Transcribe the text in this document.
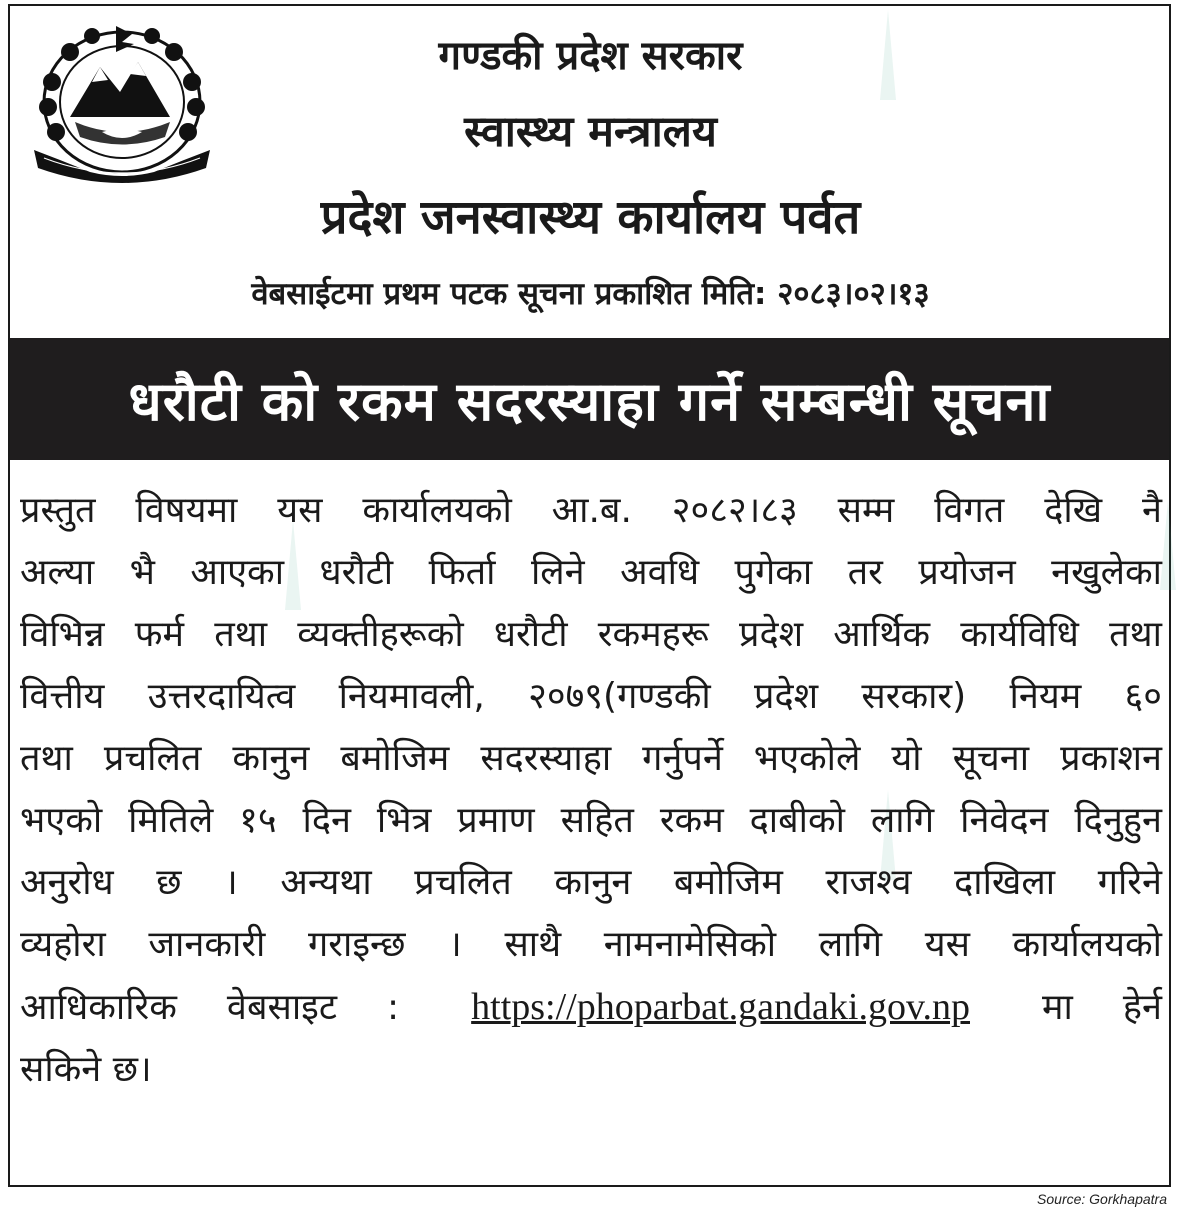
गण्डकी प्रदेश सरकार
स्वास्थ्य मन्त्रालय
प्रदेश जनस्वास्थ्य कार्यालय पर्वत
वेबसाईटमा प्रथम पटक सूचना प्रकाशित मिति: २०८३।०२।१३
धरौटी को रकम सदरस्याहा गर्ने सम्बन्धी सूचना
प्रस्तुत विषयमा यस कार्यालयको आ.ब. २०८२।८३ सम्म विगत देखि नै
अल्या भै आएका धरौटी फिर्ता लिने अवधि पुगेका तर प्रयोजन नखुलेका
विभिन्न फर्म तथा व्यक्तीहरूको धरौटी रकमहरू प्रदेश आर्थिक कार्यविधि तथा
वित्तीय उत्तरदायित्व नियमावली, २०७९(गण्डकी प्रदेश सरकार) नियम ६०
तथा प्रचलित कानुन बमोजिम सदरस्याहा गर्नुपर्ने भएकोले यो सूचना प्रकाशन
भएको मितिले १५ दिन भित्र प्रमाण सहित रकम दाबीको लागि निवेदन दिनुहुन
अनुरोध छ । अन्यथा प्रचलित कानुन बमोजिम राजश्व दाखिला गरिने
व्यहोरा जानकारी गराइन्छ । साथै नामनामेसिको लागि यस कार्यालयको
आधिकारिक वेबसाइट : https://phoparbat.gandaki.gov.np मा हेर्न
सकिने छ।
Source: Gorkhapatra
